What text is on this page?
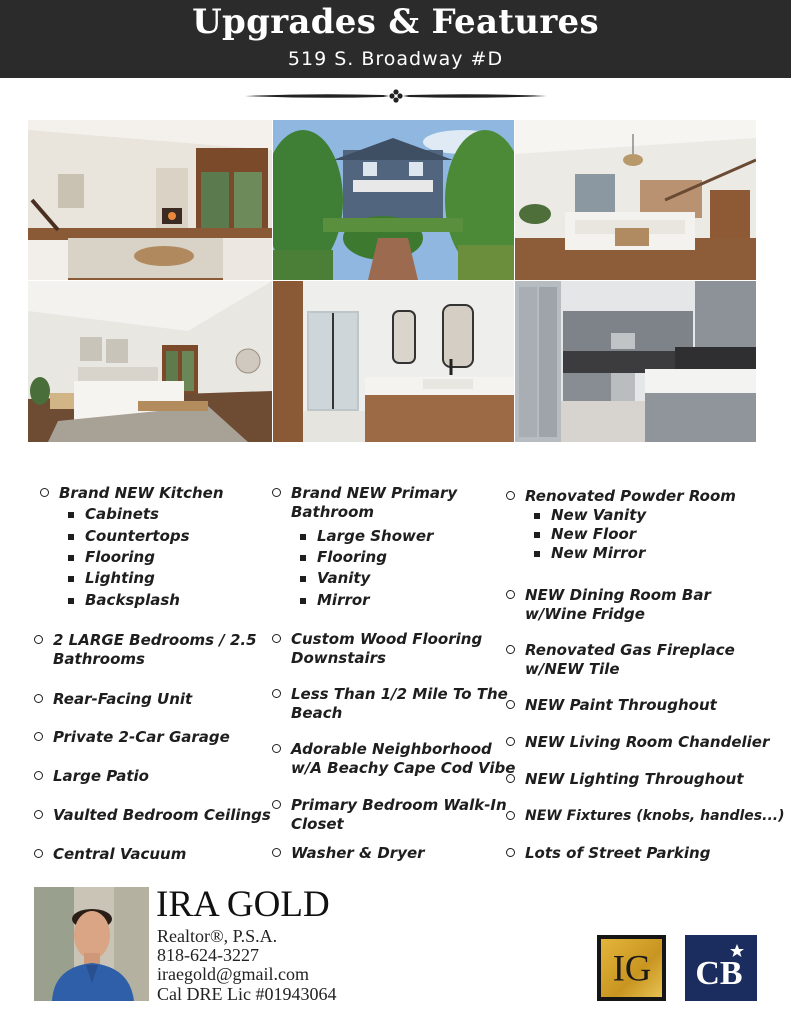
Upgrades & Features
519 S. Broadway #D
Brand NEW Kitchen
Cabinets
Countertops
Flooring
Lighting
Backsplash
2 LARGE Bedrooms / 2.5
Bathrooms
Rear-Facing Unit
Private 2-Car Garage
Large Patio
Vaulted Bedroom Ceilings
Central Vacuum
Brand NEW Primary
Bathroom
Large Shower
Flooring
Vanity
Mirror
Custom Wood Flooring
Downstairs
Less Than 1/2 Mile To The
Beach
Adorable Neighborhood
w/A Beachy Cape Cod Vibe
Primary Bedroom Walk-In
Closet
Washer & Dryer
Renovated Powder Room
New Vanity
New Floor
New Mirror
NEW Dining Room Bar
w/Wine Fridge
Renovated Gas Fireplace
w/NEW Tile
NEW Paint Throughout
NEW Living Room Chandelier
NEW Lighting Throughout
NEW Fixtures (knobs, handles...)
Lots of Street Parking
IRA GOLD
Realtor®, P.S.A.
818-624-3227
iraegold@gmail.com
Cal DRE Lic #01943064
IG CB
